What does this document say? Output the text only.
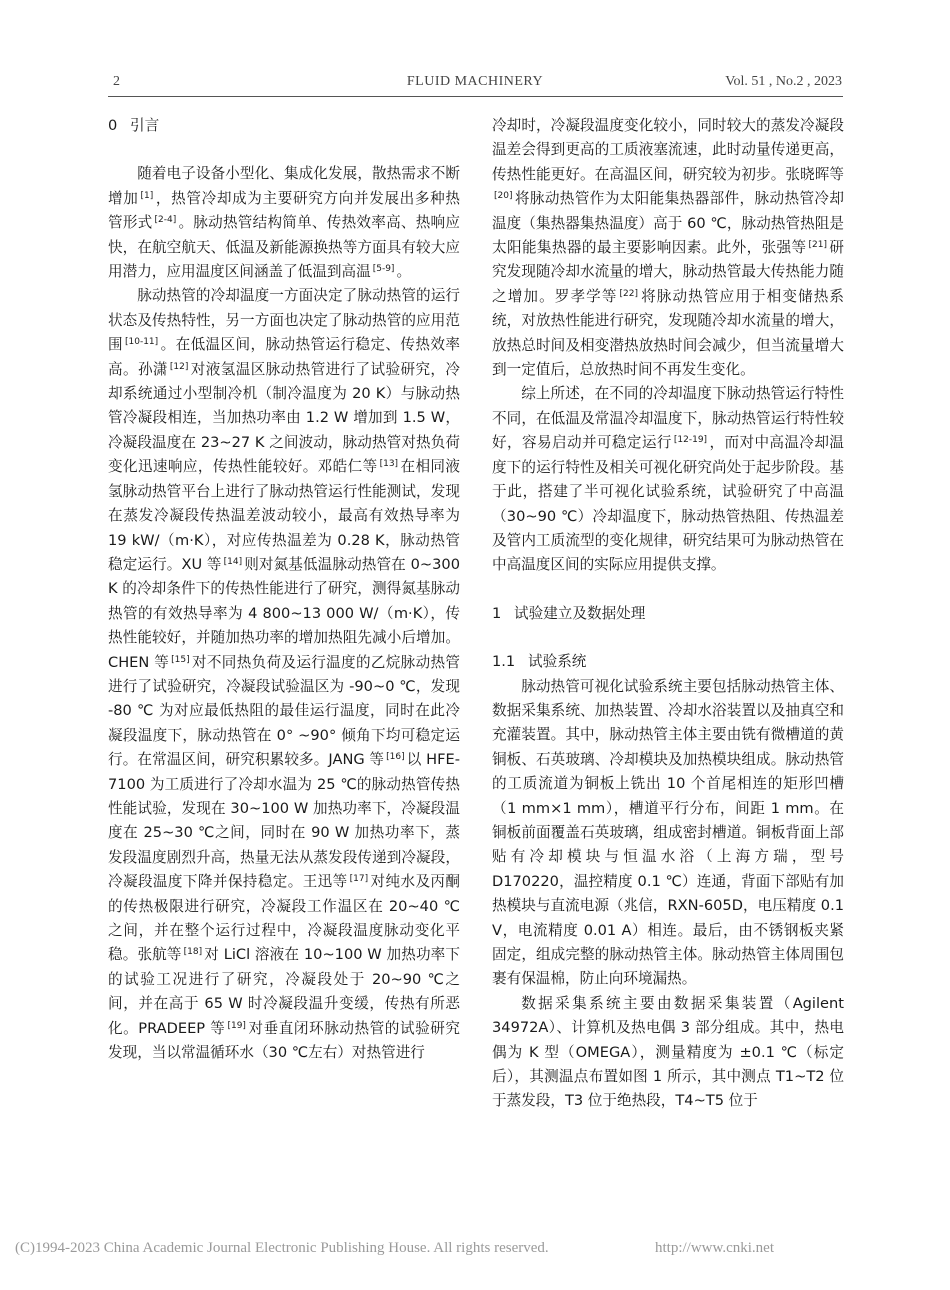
2	FLUID MACHINERY	Vol. 51 , No.2 , 2023
0 引言

随着电子设备小型化、集成化发展，散热需求不断增加 [1] ，热管冷却成为主要研究方向并发展出多种热管形式 [2-4] 。脉动热管结构简单、传热效率高、热响应快，在航空航天、低温及新能源换热等方面具有较大应用潜力，应用温度区间涵盖了低温到高温 [5-9] 。

脉动热管的冷却温度一方面决定了脉动热管的运行状态及传热特性，另一方面也决定了脉动热管的应用范围 [10-11] 。在低温区间，脉动热管运行稳定、传热效率高。孙潇 [12] 对液氢温区脉动热管进行了试验研究，冷却系统通过小型制冷机（制冷温度为 20 K）与脉动热管冷凝段相连，当加热功率由 1.2 W 增加到 1.5 W，冷凝段温度在 23~27 K 之间波动，脉动热管对热负荷变化迅速响应，传热性能较好。邓皓仁等 [13] 在相同液氢脉动热管平台上进行了脉动热管运行性能测试，发现在蒸发冷凝段传热温差波动较小，最高有效热导率为 19 kW/（m·K），对应传热温差为 0.28 K，脉动热管稳定运行。XU 等 [14] 则对氮基低温脉动热管在 0~300 K 的冷却条件下的传热性能进行了研究，测得氮基脉动热管的有效热导率为 4 800~13 000 W/（m·K），传热性能较好，并随加热功率的增加热阻先减小后增加。CHEN 等 [15] 对不同热负荷及运行温度的乙烷脉动热管进行了试验研究，冷凝段试验温区为 -90~0 ℃，发现 -80 ℃ 为对应最低热阻的最佳运行温度，同时在此冷凝段温度下，脉动热管在 0° ~90° 倾角下均可稳定运行。在常温区间，研究积累较多。JANG 等 [16] 以 HFE-7100 为工质进行了冷却水温为 25 ℃的脉动热管传热性能试验，发现在 30~100 W 加热功率下，冷凝段温度在 25~30 ℃之间，同时在 90 W 加热功率下，蒸发段温度剧烈升高，热量无法从蒸发段传递到冷凝段，冷凝段温度下降并保持稳定。王迅等 [17] 对纯水及丙酮的传热极限进行研究，冷凝段工作温区在 20~40 ℃之间，并在整个运行过程中，冷凝段温度脉动变化平稳。张航等 [18] 对 LiCl 溶液在 10~100 W 加热功率下的试验工况进行了研究，冷凝段处于 20~90 ℃之间，并在高于 65 W 时冷凝段温升变缓，传热有所恶化。PRADEEP 等 [19] 对垂直闭环脉动热管的试验研究发现，当以常温循环水（30 ℃左右）对热管进行

冷却时，冷凝段温度变化较小，同时较大的蒸发冷凝段温差会得到更高的工质液塞流速，此时动量传递更高，传热性能更好。在高温区间，研究较为初步。张晓晖等[20] 将脉动热管作为太阳能集热器部件，脉动热管冷却温度（集热器集热温度）高于 60 ℃，脉动热管热阻是太阳能集热器的最主要影响因素。此外，张强等 [21] 研究发现随冷却水流量的增大，脉动热管最大传热能力随之增加。罗孝学等 [22] 将脉动热管应用于相变储热系统，对放热性能进行研究，发现随冷却水流量的增大，放热总时间及相变潜热放热时间会减少，但当流量增大到一定值后，总放热时间不再发生变化。

综上所述，在不同的冷却温度下脉动热管运行特性不同，在低温及常温冷却温度下，脉动热管运行特性较好，容易启动并可稳定运行 [12-19] ，而对中高温冷却温度下的运行特性及相关可视化研究尚处于起步阶段。基于此，搭建了半可视化试验系统，试验研究了中高温（30~90 ℃）冷却温度下，脉动热管热阻、传热温差及管内工质流型的变化规律，研究结果可为脉动热管在中高温度区间的实际应用提供支撑。

1 试验建立及数据处理
1.1 试验系统

脉动热管可视化试验系统主要包括脉动热管主体、数据采集系统、加热装置、冷却水浴装置以及抽真空和充灌装置。其中，脉动热管主体主要由铣有微槽道的黄铜板、石英玻璃、冷却模块及加热模块组成。脉动热管的工质流道为铜板上铣出 10 个首尾相连的矩形凹槽（1 mm×1 mm），槽道平行分布，间距 1 mm。在铜板前面覆盖石英玻璃，组成密封槽道。铜板背面上部贴有冷却模块与恒温水浴（上海方瑞，型号 D170220，温控精度 0.1 ℃）连通，背面下部贴有加热模块与直流电源（兆信，RXN-605D，电压精度 0.1 V，电流精度 0.01 A）相连。最后，由不锈钢板夹紧固定，组成完整的脉动热管主体。脉动热管主体周围包裹有保温棉，防止向环境漏热。

数据采集系统主要由数据采集装置（Agilent 34972A）、计算机及热电偶 3 部分组成。其中，热电偶为 K 型（OMEGA），测量精度为 ±0.1 ℃（标定后），其测温点布置如图 1 所示，其中测点 T1~T2 位于蒸发段，T3 位于绝热段，T4~T5 位于

(C)1994-2023 China Academic Journal Electronic Publishing House. All rights reserved.	http://www.cnki.net
